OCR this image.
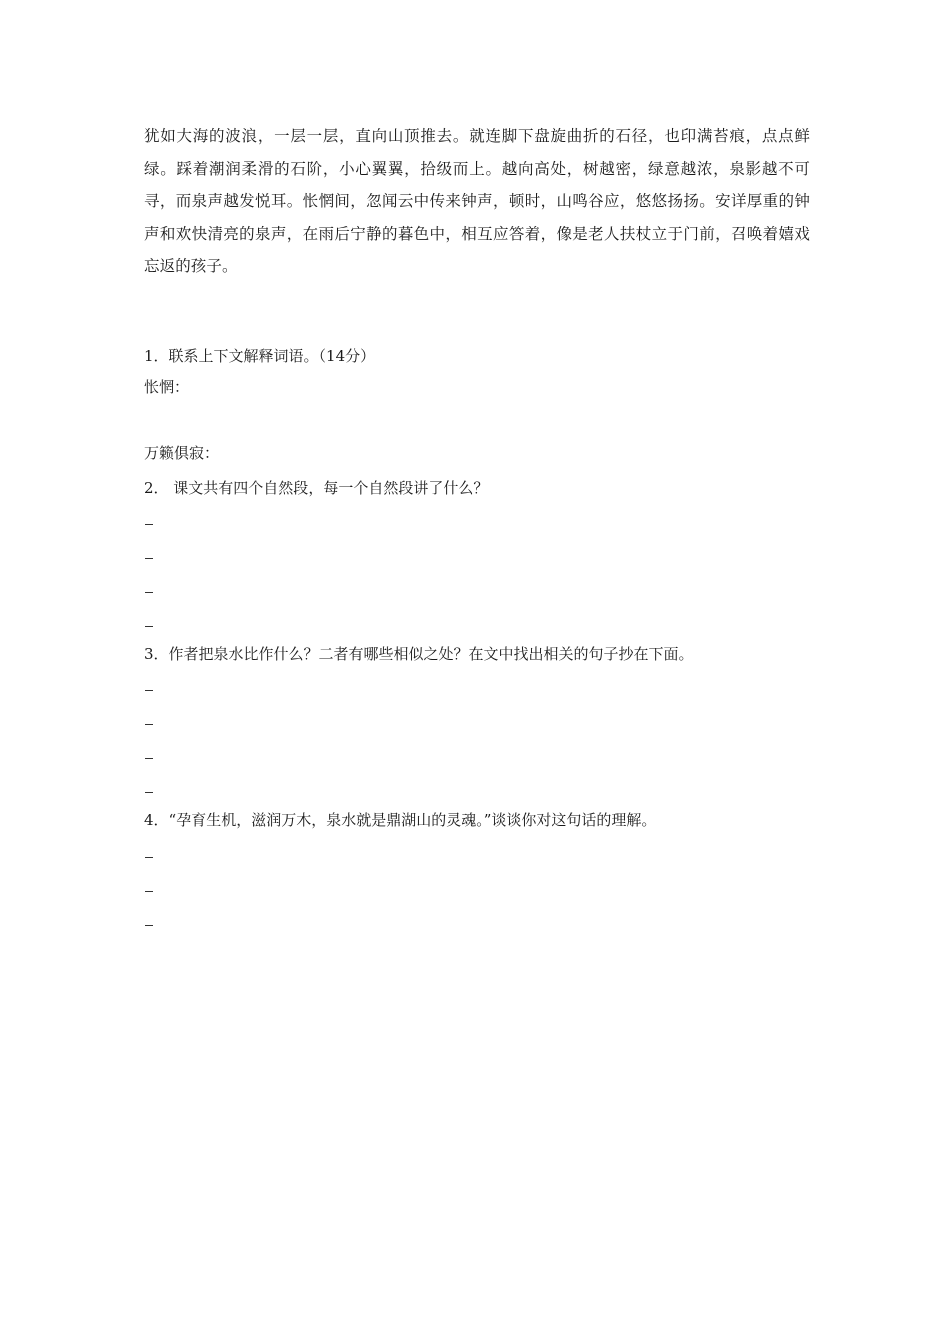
犹如大海的波浪，一层一层，直向山顶推去。就连脚下盘旋曲折的石径，也印满苔痕，点点鲜绿。踩着潮润柔滑的石阶，小心翼翼，拾级而上。越向高处，树越密，绿意越浓，泉影越不可寻，而泉声越发悦耳。怅惘间，忽闻云中传来钟声，顿时，山鸣谷应，悠悠扬扬。安详厚重的钟声和欢快清亮的泉声，在雨后宁静的暮色中，相互应答着，像是老人扶杖立于门前，召唤着嬉戏忘返的孩子。
1．联系上下文解释词语。（14分）
怅惘：
万籁俱寂：
2． 课文共有四个自然段，每一个自然段讲了什么？
3．作者把泉水比作什么？二者有哪些相似之处？在文中找出相关的句子抄在下面。
4．“孕育生机，滋润万木，泉水就是鼎湖山的灵魂。”谈谈你对这句话的理解。
